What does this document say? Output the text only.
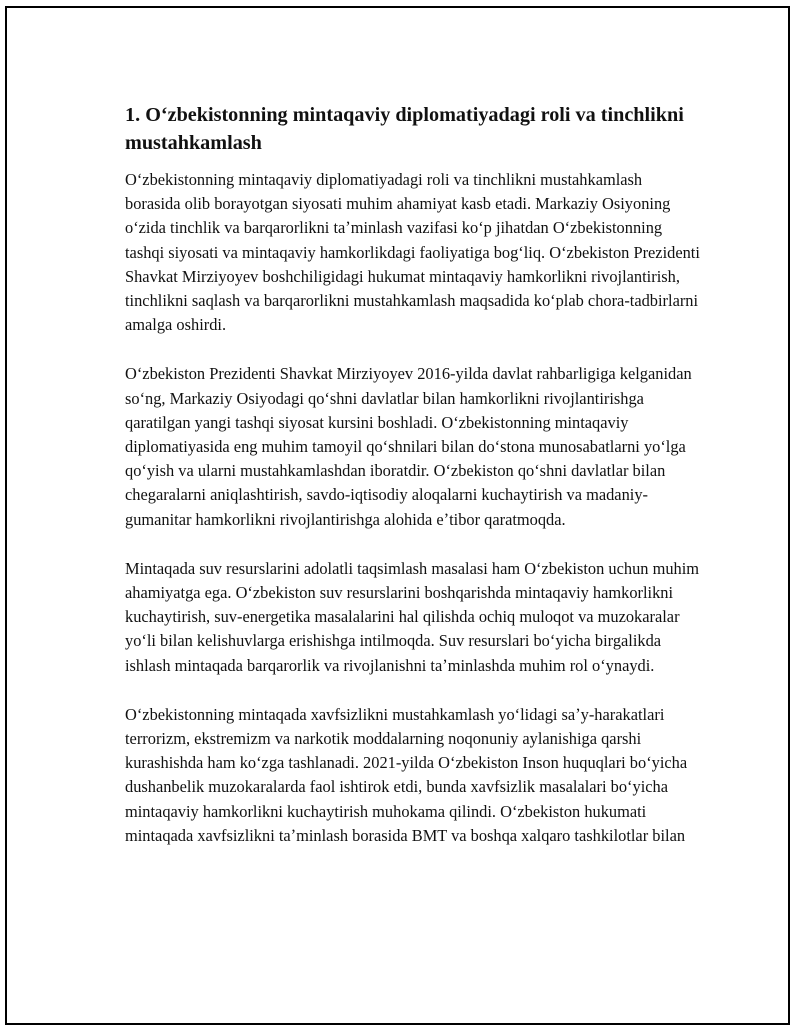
1. Oʻzbekistonning mintaqaviy diplomatiyadagi roli va tinchlikni mustahkamlash

Oʻzbekistonning mintaqaviy diplomatiyadagi roli va tinchlikni mustahkamlash borasida olib borayotgan siyosati muhim ahamiyat kasb etadi. Markaziy Osiyoning oʻzida tinchlik va barqarorlikni taʼminlash vazifasi koʻp jihatdan Oʻzbekistonning tashqi siyosati va mintaqaviy hamkorlikdagi faoliyatiga bogʻliq. Oʻzbekiston Prezidenti Shavkat Mirziyoyev boshchiligidagi hukumat mintaqaviy hamkorlikni rivojlantirish, tinchlikni saqlash va barqarorlikni mustahkamlash maqsadida koʻplab chora-tadbirlarni amalga oshirdi.

Oʻzbekiston Prezidenti Shavkat Mirziyoyev 2016-yilda davlat rahbarligiga kelganidan soʻng, Markaziy Osiyodagi qoʻshni davlatlar bilan hamkorlikni rivojlantirishga qaratilgan yangi tashqi siyosat kursini boshladi. Oʻzbekistonning mintaqaviy diplomatiyasida eng muhim tamoyil qoʻshnilari bilan doʻstona munosabatlarni yoʻlga qoʻyish va ularni mustahkamlashdan iboratdir. Oʻzbekiston qoʻshni davlatlar bilan chegaralarni aniqlashtirish, savdo-iqtisodiy aloqalarni kuchaytirish va madaniy-gumanitar hamkorlikni rivojlantirishga alohida eʼtibor qaratmoqda.

Mintaqada suv resurslarini adolatli taqsimlash masalasi ham Oʻzbekiston uchun muhim ahamiyatga ega. Oʻzbekiston suv resurslarini boshqarishda mintaqaviy hamkorlikni kuchaytirish, suv-energetika masalalarini hal qilishda ochiq muloqot va muzokaralar yoʻli bilan kelishuvlarga erishishga intilmoqda. Suv resurslari boʻyicha birgalikda ishlash mintaqada barqarorlik va rivojlanishni taʼminlashda muhim rol oʻynaydi.

Oʻzbekistonning mintaqada xavfsizlikni mustahkamlash yoʻlidagi saʼy-harakatlari terrorizm, ekstremizm va narkotik moddalarning noqonuniy aylanishiga qarshi kurashishda ham koʻzga tashlanadi. 2021-yilda Oʻzbekiston Inson huquqlari boʻyicha dushanbelik muzokaralarda faol ishtirok etdi, bunda xavfsizlik masalalari boʻyicha mintaqaviy hamkorlikni kuchaytirish muhokama qilindi. Oʻzbekiston hukumati mintaqada xavfsizlikni taʼminlash borasida BMT va boshqa xalqaro tashkilotlar bilan
